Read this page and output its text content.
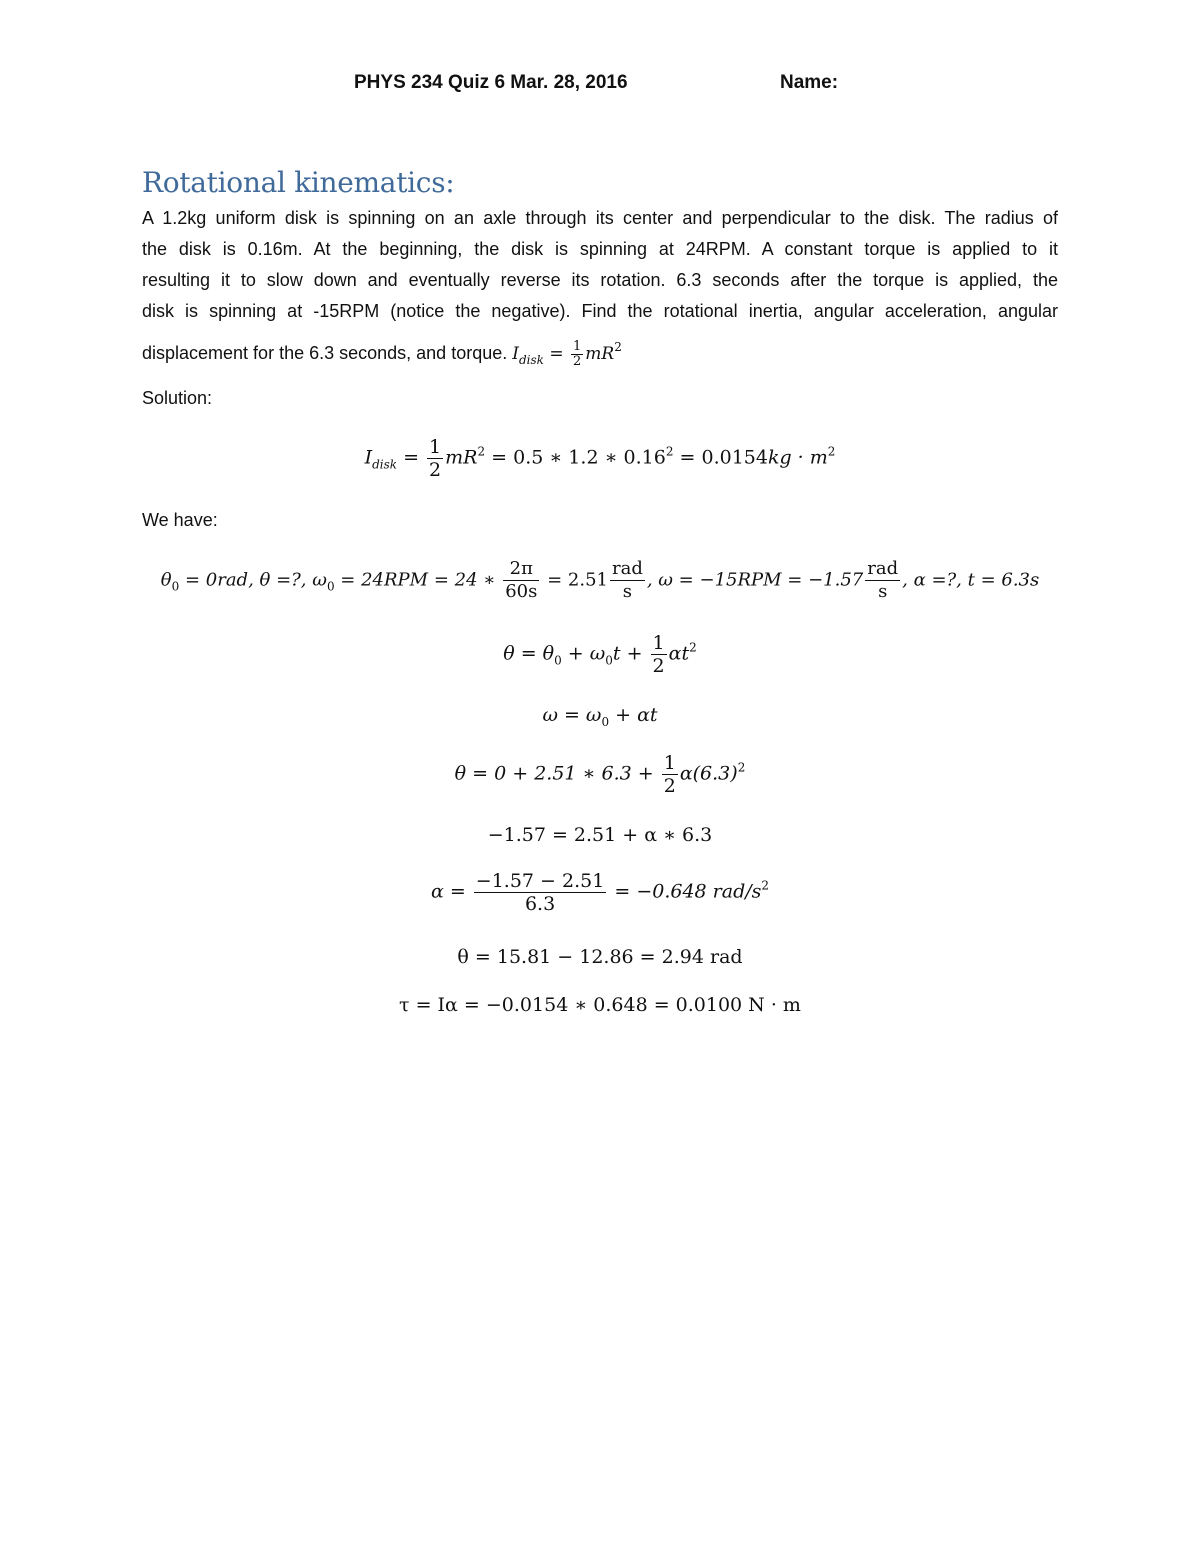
PHYS 234 Quiz 6 Mar. 28, 2016	Name:
Rotational kinematics:
A 1.2kg uniform disk is spinning on an axle through its center and perpendicular to the disk. The radius of
the disk is 0.16m. At the beginning, the disk is spinning at 24RPM. A constant torque is applied to it
resulting it to slow down and eventually reverse its rotation. 6.3 seconds after the torque is applied, the
disk is spinning at -15RPM (notice the negative). Find the rotational inertia, angular acceleration, angular
displacement for the 6.3 seconds, and torque. $I_{disk} = \frac{1}{2} mR^2$
Solution:
$I_{disk} = \frac{1}{2} mR^2 = 0.5$ ∗ 1.2 ∗ $0.16^2 = 0.0154kg \cdot m^2$
We have:
$\theta_0 = 0rad$, θ =?, $\omega_0 = 24RPM = 24$ ∗ $\frac{2\pi}{60s} = 2.51 \frac{\text{rad}}{s}$ , $\omega = -15RPM = -1.57 \frac{\text{rad}}{s}$ , α =?, t = 6.3s
$\theta = \theta_0 + \omega_0t + \frac{1}{2} \alpha t^2$
$\omega = \omega_0 + \alpha t$
θ = 0 + 2.51 ∗ $6.3 + \frac{1}{2} \alpha(6.3)^2$
−1.57 = 2.51 + α ∗ 6.3
$\alpha = \frac{-1.57 - 2.51}{6.3} = -0.648$ rad/$s^2$
θ = 15.81 − 12.86 = 2.94 rad
τ = Iα = −0.0154 ∗ 0.648 = 0.0100 N · m
